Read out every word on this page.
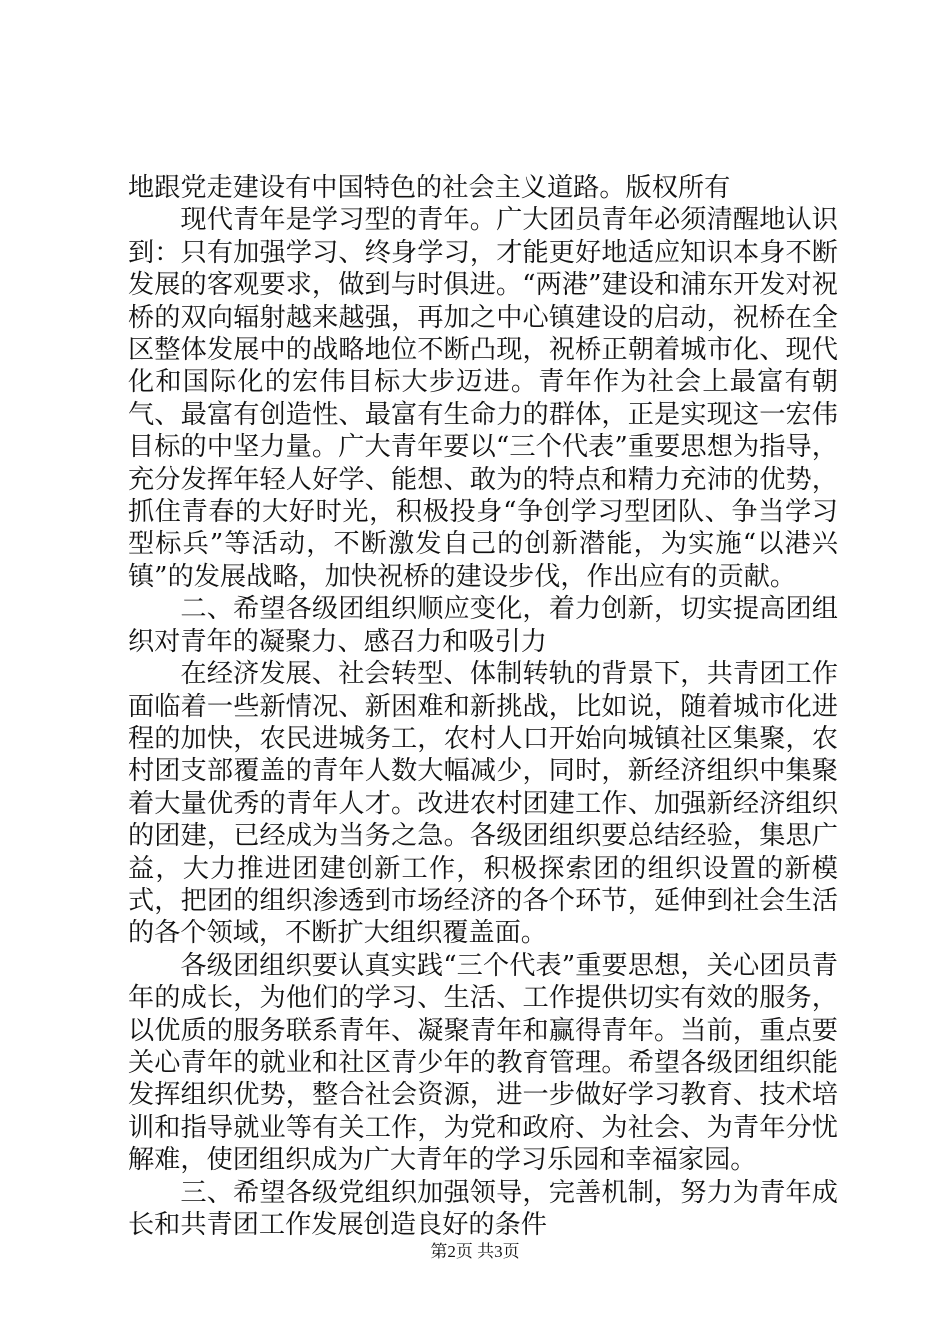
地跟党走建设有中国特色的社会主义道路。版权所有

现代青年是学习型的青年。广大团员青年必须清醒地认识到：只有加强学习、终身学习，才能更好地适应知识本身不断发展的客观要求，做到与时俱进。“两港”建设和浦东开发对祝桥的双向辐射越来越强，再加之中心镇建设的启动，祝桥在全区整体发展中的战略地位不断凸现，祝桥正朝着城市化、现代化和国际化的宏伟目标大步迈进。青年作为社会上最富有朝气、最富有创造性、最富有生命力的群体，正是实现这一宏伟目标的中坚力量。广大青年要以“三个代表”重要思想为指导，充分发挥年轻人好学、能想、敢为的特点和精力充沛的优势，抓住青春的大好时光，积极投身“争创学习型团队、争当学习型标兵”等活动，不断激发自己的创新潜能，为实施“以港兴镇”的发展战略，加快祝桥的建设步伐，作出应有的贡献。

二、希望各级团组织顺应变化，着力创新，切实提高团组织对青年的凝聚力、感召力和吸引力

在经济发展、社会转型、体制转轨的背景下，共青团工作面临着一些新情况、新困难和新挑战，比如说，随着城市化进程的加快，农民进城务工，农村人口开始向城镇社区集聚，农村团支部覆盖的青年人数大幅减少，同时，新经济组织中集聚着大量优秀的青年人才。改进农村团建工作、加强新经济组织的团建，已经成为当务之急。各级团组织要总结经验，集思广益，大力推进团建创新工作，积极探索团的组织设置的新模式，把团的组织渗透到市场经济的各个环节，延伸到社会生活的各个领域，不断扩大组织覆盖面。

各级团组织要认真实践“三个代表”重要思想，关心团员青年的成长，为他们的学习、生活、工作提供切实有效的服务，以优质的服务联系青年、凝聚青年和赢得青年。当前，重点要关心青年的就业和社区青少年的教育管理。希望各级团组织能发挥组织优势，整合社会资源，进一步做好学习教育、技术培训和指导就业等有关工作，为党和政府、为社会、为青年分忧解难，使团组织成为广大青年的学习乐园和幸福家园。

三、希望各级党组织加强领导，完善机制，努力为青年成长和共青团工作发展创造良好的条件

第2页 共3页
